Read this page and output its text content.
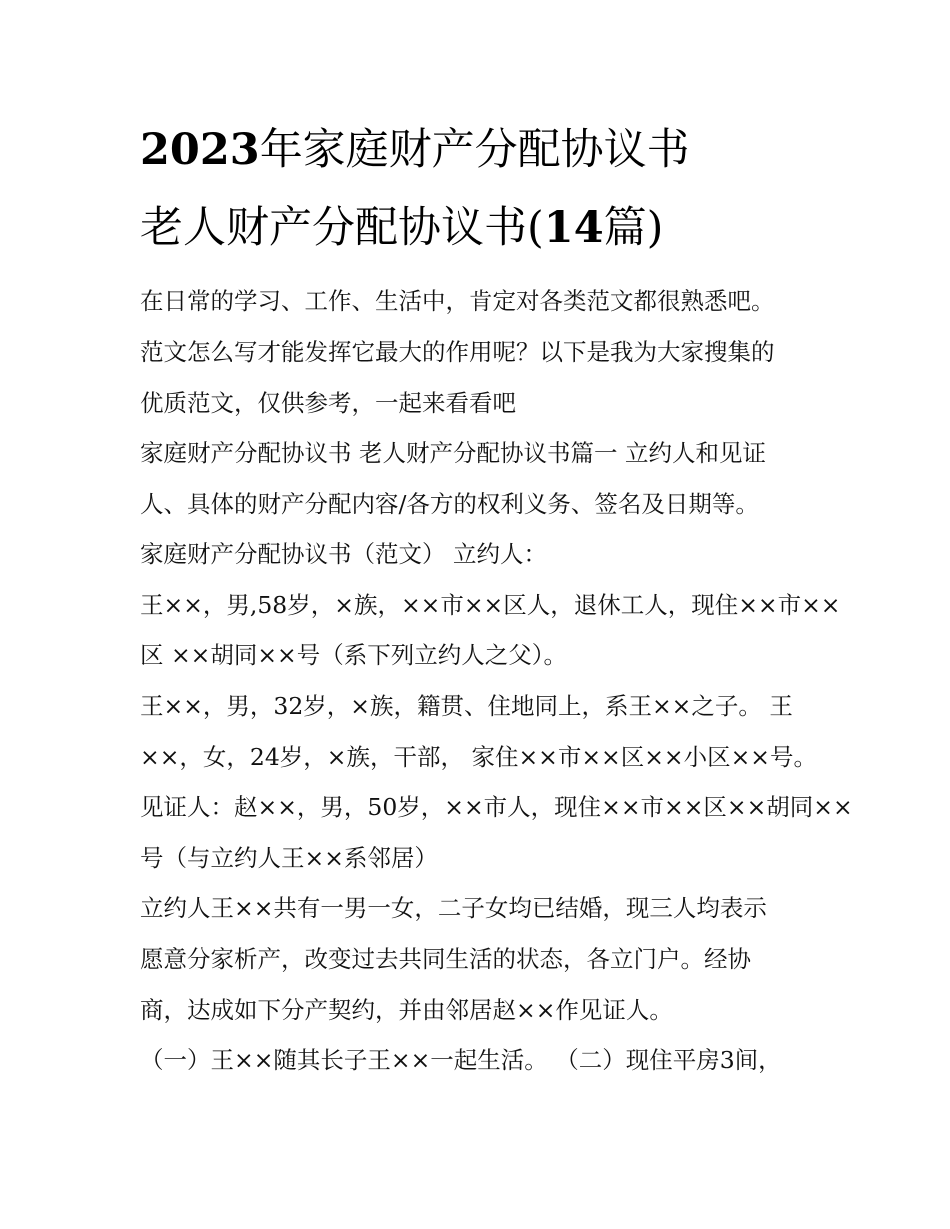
2023年家庭财产分配协议书
老人财产分配协议书(14篇)
在日常的学习、工作、生活中，肯定对各类范文都很熟悉吧。
范文怎么写才能发挥它最大的作用呢？以下是我为大家搜集的
优质范文，仅供参考，一起来看看吧
家庭财产分配协议书 老人财产分配协议书篇一 立约人和见证
人、具体的财产分配内容/各方的权利义务、签名及日期等。
家庭财产分配协议书（范文） 立约人：
王××，男,58岁，×族，××市××区人，退休工人，现住××市××
区 ××胡同××号（系下列立约人之父）。
王××，男，32岁，×族，籍贯、住地同上，系王××之子。 王
××，女，24岁，×族，干部， 家住××市××区××小区××号。
见证人：赵××，男，50岁，××市人，现住××市××区××胡同××
号（与立约人王××系邻居）
立约人王××共有一男一女，二子女均已结婚，现三人均表示
愿意分家析产，改变过去共同生活的状态，各立门户。经协
商，达成如下分产契约，并由邻居赵××作见证人。
（一）王××随其长子王××一起生活。 （二）现住平房3间，
